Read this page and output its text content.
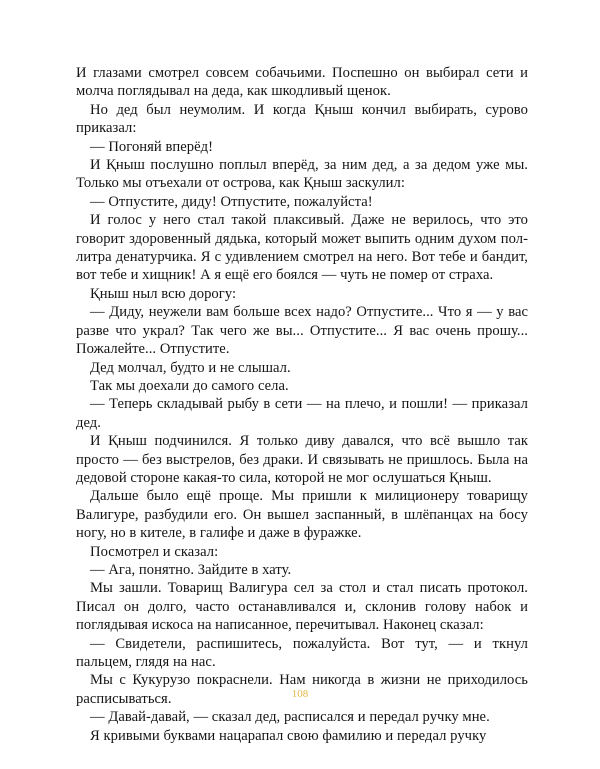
И глазами смотрел совсем собачьими. Поспешно он выбирал сети и молча поглядывал на деда, как шкодливый щенок.

Но дед был неумолим. И когда Қныш кончил выбирать, сурово приказал:

— Погоняй вперёд!

И Қныш послушно поплыл вперёд, за ним дед, а за дедом уже мы. Только мы отъехали от острова, как Қныш заскулил:

— Отпустите, диду! Отпустите, пожалуйста!

И голос у него стал такой плаксивый. Даже не верилось, что это говорит здоровенный дядька, который может выпить одним духом пол-литра денатурчика. Я с удивлением смотрел на него. Вот тебе и бандит, вот тебе и хищник! А я ещё его боялся — чуть не помер от страха.

Қныш ныл всю дорогу:

— Диду, неужели вам больше всех надо? Отпустите... Что я — у вас разве что украл? Так чего же вы... Отпустите... Я вас очень прошу... Пожалейте... Отпустите.

Дед молчал, будто и не слышал.

Так мы доехали до самого села.

— Теперь складывай рыбу в сети — на плечо, и пошли! — приказал дед.

И Қныш подчинился. Я только диву давался, что всё вышло так просто — без выстрелов, без драки. И связывать не пришлось. Была на дедовой стороне какая-то сила, которой не мог ослушаться Қныш.

Дальше было ещё проще. Мы пришли к милиционеру товарищу Валигуре, разбудили его. Он вышел заспанный, в шлёпанцах на босу ногу, но в кителе, в галифе и даже в фуражке.

Посмотрел и сказал:

— Ага, понятно. Зайдите в хату.

Мы зашли. Товарищ Валигура сел за стол и стал писать протокол. Писал он долго, часто останавливался и, склонив голову набок и поглядывая искоса на написанное, перечитывал. Наконец сказал:

— Свидетели, распишитесь, пожалуйста. Вот тут, — и ткнул пальцем, глядя на нас.

Мы с Кукурузо покраснели. Нам никогда в жизни не приходилось расписываться.

— Давай-давай, — сказал дед, расписался и передал ручку мне.

Я кривыми буквами нацарапал свою фамилию и передал ручку

108
